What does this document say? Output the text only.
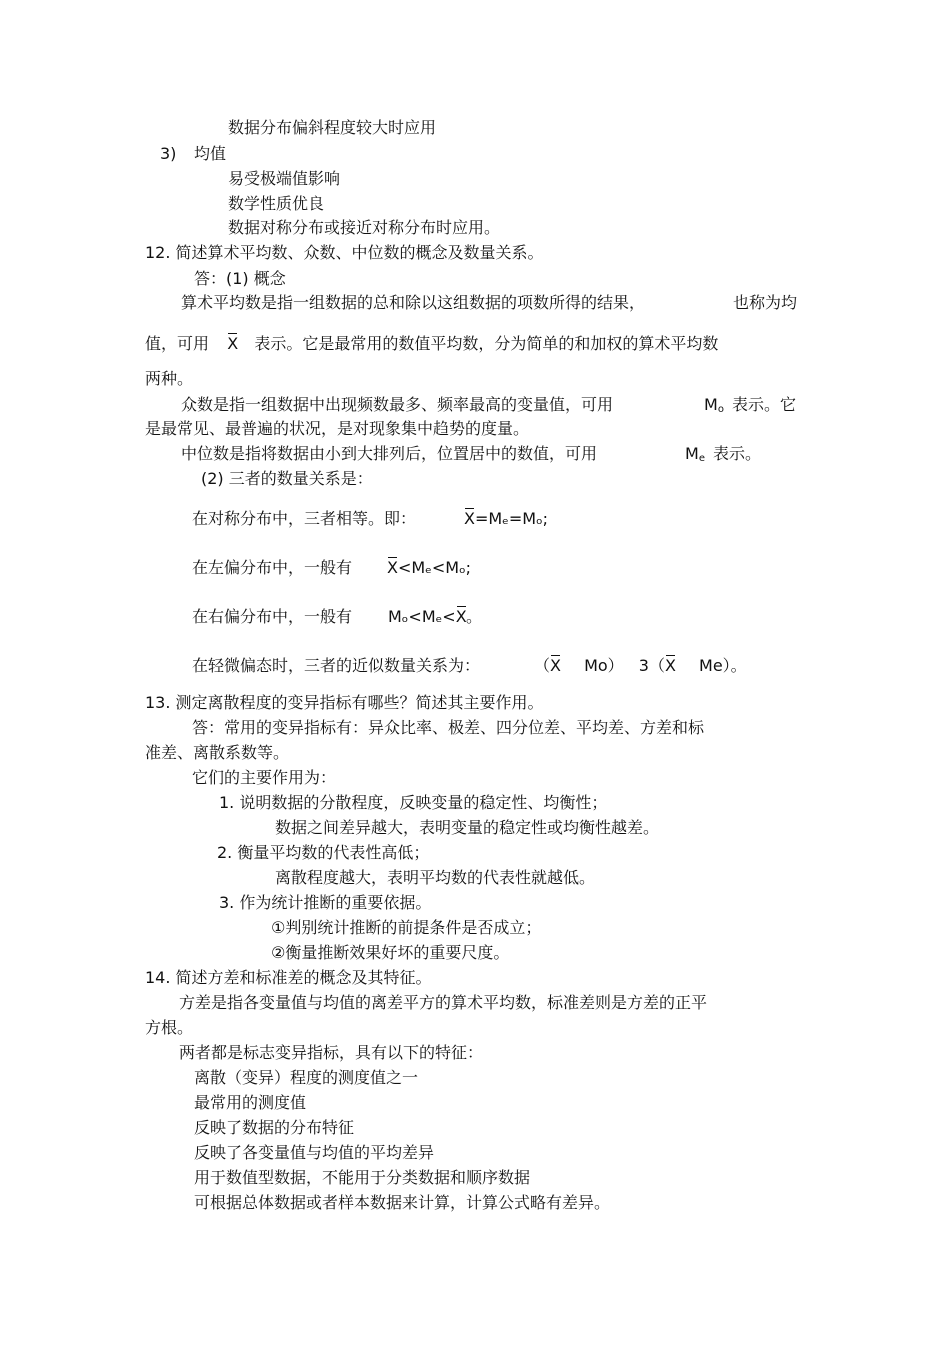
数据分布偏斜程度较大时应用
3) 均值
易受极端值影响
数学性质优良
数据对称分布或接近对称分布时应用。
12. 简述算术平均数、众数、中位数的概念及数量关系。
答：(1) 概念
算术平均数是指一组数据的总和除以这组数据的项数所得的结果，	也称为均
值，可用 X 表示。它是最常用的数值平均数，分为简单的和加权的算术平均数
两种。
众数是指一组数据中出现频数最多、频率最高的变量值，可用	$M_o$ 表示。它
是最常见、最普遍的状况，是对现象集中趋势的度量。
中位数是指将数据由小到大排列后，位置居中的数值，可用	$M_e$ 表示。
(2) 三者的数量关系是：
在对称分布中，三者相等。即：	X=Mₑ=Mₒ;
在左偏分布中，一般有 X<Mₑ<Mₒ;
在右偏分布中，一般有 Mₒ<Mₑ<X 。
在轻微偏态时，三者的近似数量关系为：	（X Mo） 3（X Me）。
13. 测定离散程度的变异指标有哪些？简述其主要作用。
答：常用的变异指标有：异众比率、极差、四分位差、平均差、方差和标
准差、离散系数等。
它们的主要作用为：
1. 说明数据的分散程度，反映变量的稳定性、均衡性；
数据之间差异越大，表明变量的稳定性或均衡性越差。
2. 衡量平均数的代表性高低；
离散程度越大，表明平均数的代表性就越低。
3. 作为统计推断的重要依据。
①判别统计推断的前提条件是否成立；
②衡量推断效果好坏的重要尺度。
14. 简述方差和标准差的概念及其特征。
方差是指各变量值与均值的离差平方的算术平均数，标准差则是方差的正平
方根。
两者都是标志变异指标，具有以下的特征：
离散（变异）程度的测度值之一
最常用的测度值
反映了数据的分布特征
反映了各变量值与均值的平均差异
用于数值型数据，不能用于分类数据和顺序数据
可根据总体数据或者样本数据来计算，计算公式略有差异。
